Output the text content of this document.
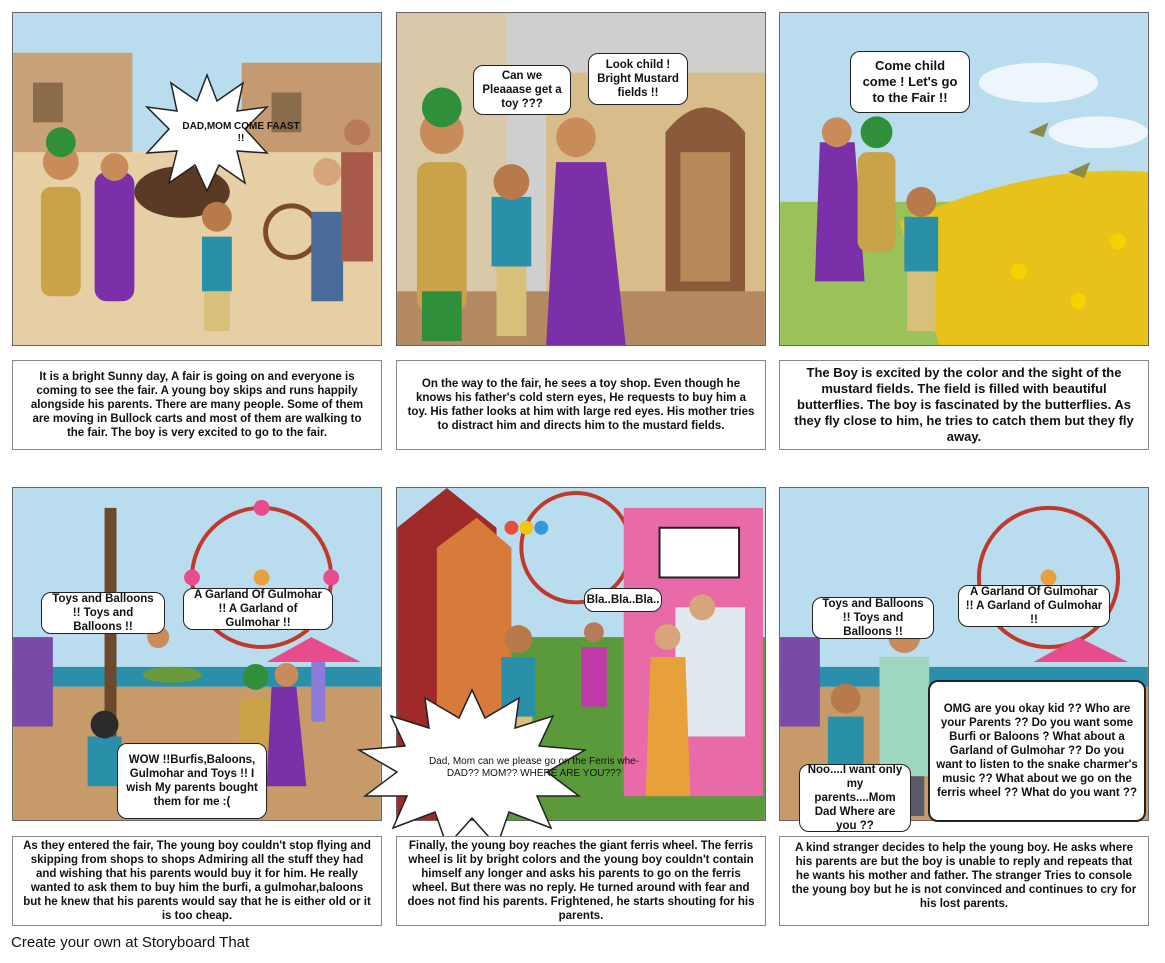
DAD,MOM COME FAAST !!
It is a bright Sunny day, A fair is going on and everyone is coming to see the fair. A young boy skips and runs happily alongside his parents. There are many people. Some of them are moving in Bullock carts and most of them are walking to the fair. The boy is very excited to go to the fair.
Can we Pleaaase get a toy ???
Look child ! Bright Mustard fields !!
On the way to the fair, he sees a toy shop. Even though he knows his father's cold stern eyes, He requests to buy him a toy. His father looks at him with large red eyes. His mother tries to distract him and directs him to the mustard fields.
Come child come ! Let's go to the Fair !!
The Boy is excited by the color and the sight of the mustard fields. The field is filled with beautiful butterflies. The boy is fascinated by the butterflies. As they fly close to him, he tries to catch them but they fly away.
Toys and Balloons !! Toys and Balloons !!
A Garland Of Gulmohar !! A Garland of Gulmohar !!
WOW !!Burfis,Baloons, Gulmohar and Toys !! I wish My parents bought them for me :(
As they entered the fair, The young boy couldn't stop flying and skipping from shops to shops Admiring all the stuff they had and wishing that his parents would buy it for him. He really wanted to ask them to buy him the burfi, a gulmohar,baloons but he knew that his parents would say that he is either old or it is too cheap.
Bla..Bla..Bla..
Dad, Mom can we please go on the Ferris whe- DAD?? MOM?? WHERE ARE YOU???
Finally, the young boy reaches the giant ferris wheel. The ferris wheel is lit by bright colors and the young boy couldn't contain himself any longer and asks his parents to go on the ferris wheel. But there was no reply. He turned around with fear and does not find his parents. Frightened, he starts shouting for his parents.
Toys and Balloons !! Toys and Balloons !!
A Garland Of Gulmohar !! A Garland of Gulmohar !!
OMG are you okay kid ?? Who are your Parents ?? Do you want some Burfi or Baloons ? What about a Garland of Gulmohar ?? Do you want to listen to the snake charmer's music ?? What about we go on the ferris wheel ?? What do you want ??
Noo....I want only my parents....Mom Dad Where are you ??
A kind stranger decides to help the young boy. He asks where his parents are but the boy is unable to reply and repeats that he wants his mother and father. The stranger Tries to console the young boy but he is not convinced and continues to cry for his lost parents.
Create your own at Storyboard That
